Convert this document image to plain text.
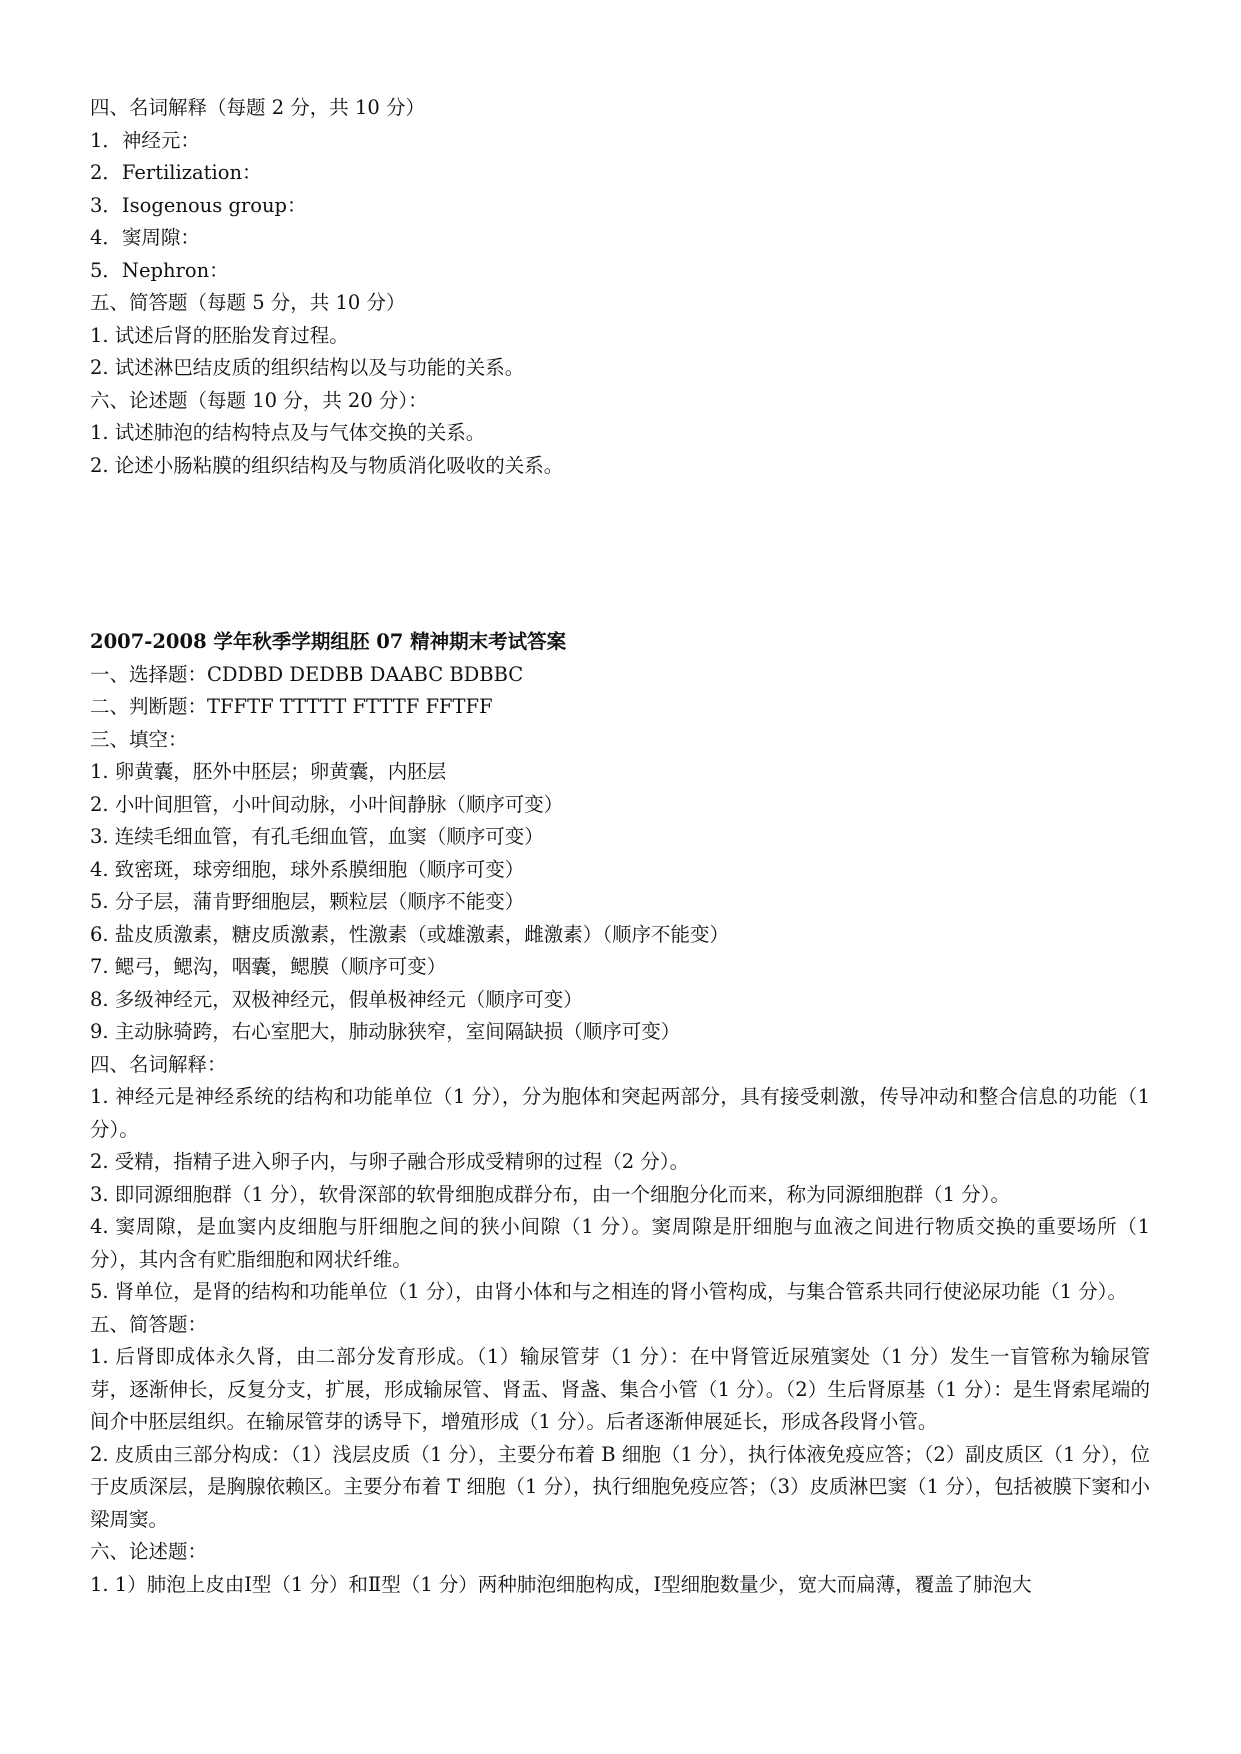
四、名词解释（每题 2 分，共 10 分）
1．神经元：
2．Fertilization：
3．Isogenous group：
4．窦周隙：
5．Nephron：
五、简答题（每题 5 分，共 10 分）
1. 试述后肾的胚胎发育过程。
2. 试述淋巴结皮质的组织结构以及与功能的关系。
六、论述题（每题 10 分，共 20 分）：
1. 试述肺泡的结构特点及与气体交换的关系。
2. 论述小肠粘膜的组织结构及与物质消化吸收的关系。
2007-2008 学年秋季学期组胚 07 精神期末考试答案
一、选择题：CDDBD DEDBB DAABC BDBBC
二、判断题：TFFTF TTTTT FTTTF FFTFF
三、填空：
1. 卵黄囊，胚外中胚层；卵黄囊，内胚层
2. 小叶间胆管，小叶间动脉，小叶间静脉（顺序可变）
3. 连续毛细血管，有孔毛细血管，血窦（顺序可变）
4. 致密斑，球旁细胞，球外系膜细胞（顺序可变）
5. 分子层，蒲肯野细胞层，颗粒层（顺序不能变）
6. 盐皮质激素，糖皮质激素，性激素（或雄激素，雌激素）（顺序不能变）
7. 鳃弓，鳃沟，咽囊，鳃膜（顺序可变）
8. 多级神经元，双极神经元，假单极神经元（顺序可变）
9. 主动脉骑跨，右心室肥大，肺动脉狭窄，室间隔缺损（顺序可变）
四、名词解释：
1. 神经元是神经系统的结构和功能单位（1 分），分为胞体和突起两部分，具有接受刺激，传导冲动和整合信息的功能（1 分）。
2. 受精，指精子进入卵子内，与卵子融合形成受精卵的过程（2 分）。
3. 即同源细胞群（1 分），软骨深部的软骨细胞成群分布，由一个细胞分化而来，称为同源细胞群（1 分）。
4. 窦周隙，是血窦内皮细胞与肝细胞之间的狭小间隙（1 分）。窦周隙是肝细胞与血液之间进行物质交换的重要场所（1 分），其内含有贮脂细胞和网状纤维。
5. 肾单位，是肾的结构和功能单位（1 分），由肾小体和与之相连的肾小管构成，与集合管系共同行使泌尿功能（1 分）。
五、简答题：
1. 后肾即成体永久肾，由二部分发育形成。（1）输尿管芽（1 分）：在中肾管近尿殖窦处（1 分）发生一盲管称为输尿管芽，逐渐伸长，反复分支，扩展，形成输尿管、肾盂、肾盏、集合小管（1 分）。（2）生后肾原基（1 分）：是生肾索尾端的间介中胚层组织。在输尿管芽的诱导下，增殖形成（1 分）。后者逐渐伸展延长，形成各段肾小管。
2. 皮质由三部分构成：（1）浅层皮质（1 分），主要分布着 B 细胞（1 分），执行体液免疫应答；（2）副皮质区（1 分），位于皮质深层，是胸腺依赖区。主要分布着 T 细胞（1 分），执行细胞免疫应答；（3）皮质淋巴窦（1 分），包括被膜下窦和小梁周窦。
六、论述题：
1. 1）肺泡上皮由Ⅰ型（1 分）和Ⅱ型（1 分）两种肺泡细胞构成，Ⅰ型细胞数量少，宽大而扁薄，覆盖了肺泡大
